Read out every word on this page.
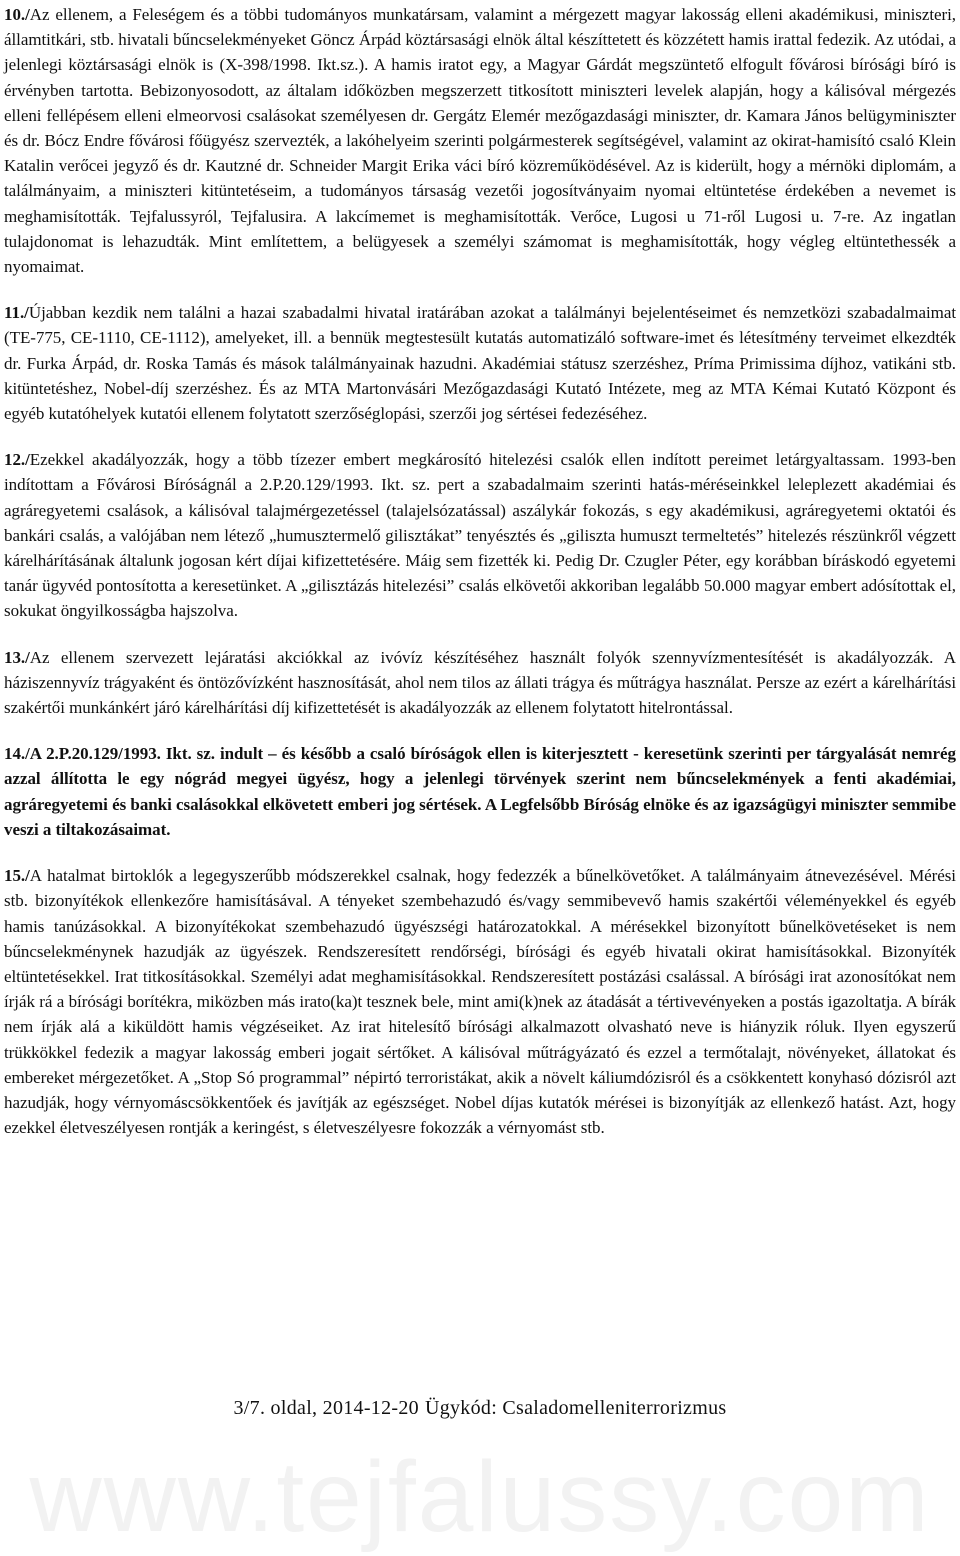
10./Az ellenem, a Feleségem és a többi tudományos munkatársam, valamint a mérgezett magyar lakosság elleni akadémikusi, miniszteri, államtitkári, stb. hivatali bűncselekményeket Göncz Árpád köztársasági elnök által készíttetett és közzétett hamis irattal fedezik. Az utódai, a jelenlegi köztársasági elnök is (X-398/1998. Ikt.sz.). A hamis iratot egy, a Magyar Gárdát megszüntető elfogult fővárosi bírósági bíró is érvényben tartotta. Bebizonyosodott, az általam időközben megszerzett titkosított miniszteri levelek alapján, hogy a kálisóval mérgezés elleni fellépésem elleni elmeorvosi csalásokat személyesen dr. Gergátz Elemér mezőgazdasági miniszter, dr. Kamara János belügyminiszter és dr. Bócz Endre fővárosi főügyész szervezték, a lakóhelyeim szerinti polgármesterek segítségével, valamint az okirat-hamisító csaló Klein Katalin verőcei jegyző és dr. Kautzné dr. Schneider Margit Erika váci bíró közreműködésével. Az is kiderült, hogy a mérnöki diplomám, a találmányaim, a miniszteri kitüntetéseim, a tudományos társaság vezetői jogosítványaim nyomai eltüntetése érdekében a nevemet is meghamisították. Tejfalussyról, Tejfalusira. A lakcímemet is meghamisították. Verőce, Lugosi u 71-ről Lugosi u. 7-re. Az ingatlan tulajdonomat is lehazudták. Mint említettem, a belügyesek a személyi számomat is meghamisították, hogy végleg eltüntethessék a nyomaimat.

11./Újabban kezdik nem találni a hazai szabadalmi hivatal iratárában azokat a találmányi bejelentéseimet és nemzetközi szabadalmaimat (TE-775, CE-1110, CE-1112), amelyeket, ill. a bennük megtestesült kutatás automatizáló software-imet és létesítmény terveimet elkezdték dr. Furka Árpád, dr. Roska Tamás és mások találmányainak hazudni. Akadémiai státusz szerzéshez, Príma Primissima díjhoz, vatikáni stb. kitüntetéshez, Nobel-díj szerzéshez. És az MTA Martonvásári Mezőgazdasági Kutató Intézete, meg az MTA Kémai Kutató Központ és egyéb kutatóhelyek kutatói ellenem folytatott szerzőséglopási, szerzői jog sértései fedezéséhez.

12./Ezekkel akadályozzák, hogy a több tízezer embert megkárosító hitelezési csalók ellen indított pereimet letárgyaltassam. 1993-ben indítottam a Fővárosi Bíróságnál a 2.P.20.129/1993. Ikt. sz. pert a szabadalmaim szerinti hatás-méréseinkkel leleplezett akadémiai és agráregyetemi csalások, a kálisóval talajmérgezetéssel (talajelsózatással) aszálykár fokozás, s egy akadémikusi, agráregyetemi oktatói és bankári csalás, a valójában nem létező „humusztermelő gilisztákat” tenyésztés és „giliszta humuszt termeltetés” hitelezés részünkről végzett kárelhárításának általunk jogosan kért díjai kifizettetésére. Máig sem fizették ki. Pedig Dr. Czugler Péter, egy korábban bíráskodó egyetemi tanár ügyvéd pontosította a keresetünket. A „gilisztázás hitelezési” csalás elkövetői akkoriban legalább 50.000 magyar embert adósítottak el, sokukat öngyilkosságba hajszolva.

13./Az ellenem szervezett lejáratási akciókkal az ivóvíz készítéséhez használt folyók szennyvízmentesítését is akadályozzák. A háziszennyvíz trágyaként és öntözővízként hasznosítását, ahol nem tilos az állati trágya és műtrágya használat. Persze az ezért a kárelhárítási szakértői munkánkért járó kárelhárítási díj kifizettetését is akadályozzák az ellenem folytatott hitelrontással.

14./A 2.P.20.129/1993. Ikt. sz. indult – és később a csaló bíróságok ellen is kiterjesztett - keresetünk szerinti per tárgyalását nemrég azzal állította le egy nógrád megyei ügyész, hogy a jelenlegi törvények szerint nem bűncselekmények a fenti akadémiai, agráregyetemi és banki csalásokkal elkövetett emberi jog sértések. A Legfelsőbb Bíróság elnöke és az igazságügyi miniszter semmibe veszi a tiltakozásaimat.

15./A hatalmat birtoklók a legegyszerűbb módszerekkel csalnak, hogy fedezzék a bűnelkövetőket. A találmányaim átnevezésével. Mérési stb. bizonyítékok ellenkezőre hamisításával. A tényeket szembehazudó és/vagy semmibevevő hamis szakértői véleményekkel és egyéb hamis tanúzásokkal. A bizonyítékokat szembehazudó ügyészségi határozatokkal. A mérésekkel bizonyított bűnelkövetéseket is nem bűncselekménynek hazudják az ügyészek. Rendszeresített rendőrségi, bírósági és egyéb hivatali okirat hamisításokkal. Bizonyíték eltüntetésekkel. Irat titkosításokkal. Személyi adat meghamisításokkal. Rendszeresített postázási csalással. A bírósági irat azonosítókat nem írják rá a bírósági borítékra, miközben más irato(ka)t tesznek bele, mint ami(k)nek az átadását a tértivevényeken a postás igazoltatja. A bírák nem írják alá a kiküldött hamis végzéseiket. Az irat hitelesítő bírósági alkalmazott olvasható neve is hiányzik róluk. Ilyen egyszerű trükkökkel fedezik a magyar lakosság emberi jogait sértőket. A kálisóval műtrágyázató és ezzel a termőtalajt, növényeket, állatokat és embereket mérgezetőket. A „Stop Só programmal” népirtó terroristákat, akik a növelt káliumdózisról és a csökkentett konyhasó dózisról azt hazudják, hogy vérnyomáscsökkentőek és javítják az egészséget. Nobel díjas kutatók mérései is bizonyítják az ellenkező hatást. Azt, hogy ezekkel életveszélyesen rontják a keringést, s életveszélyesre fokozzák a vérnyomást stb.

www.tejfalussy.com
3/7. oldal, 2014-12-20 Ügykód: Csaladomelleniterrorizmus
